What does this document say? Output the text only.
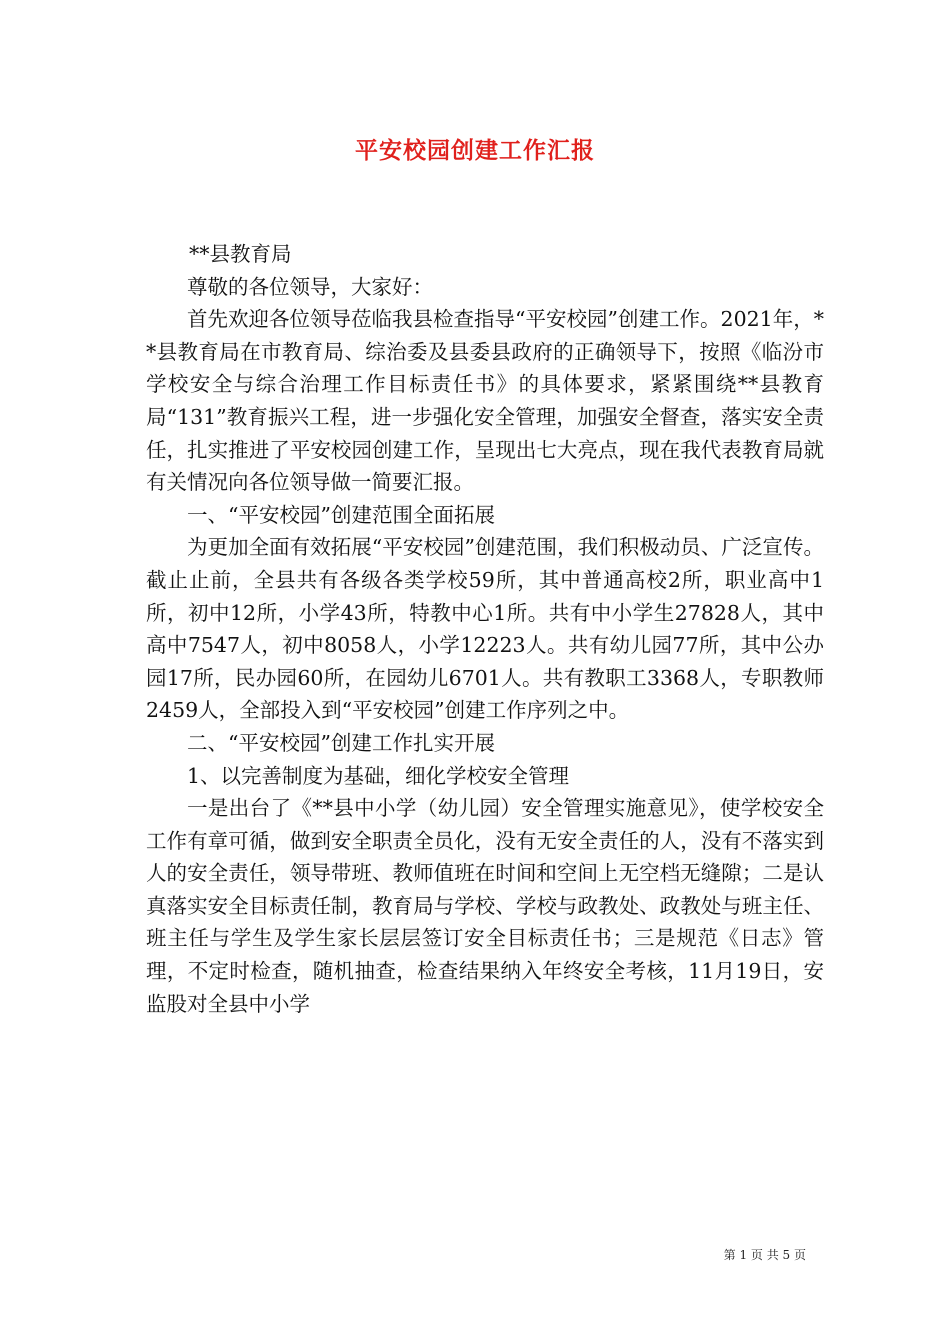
平安校园创建工作汇报

**县教育局

尊敬的各位领导，大家好：

首先欢迎各位领导莅临我县检查指导“平安校园”创建工作。2021年，**县教育局在市教育局、综治委及县委县政府的正确领导下，按照《临汾市学校安全与综合治理工作目标责任书》的具体要求，紧紧围绕**县教育局“131”教育振兴工程，进一步强化安全管理，加强安全督查，落实安全责任，扎实推进了平安校园创建工作，呈现出七大亮点，现在我代表教育局就有关情况向各位领导做一简要汇报。

一、“平安校园”创建范围全面拓展

为更加全面有效拓展“平安校园”创建范围，我们积极动员、广泛宣传。截止止前，全县共有各级各类学校59所，其中普通高校2所，职业高中1所，初中12所，小学43所，特教中心1所。共有中小学生27828人，其中高中7547人，初中8058人，小学12223人。共有幼儿园77所，其中公办园17所，民办园60所，在园幼儿6701人。共有教职工3368人，专职教师2459人，全部投入到“平安校园”创建工作序列之中。

二、“平安校园”创建工作扎实开展

1、以完善制度为基础，细化学校安全管理

一是出台了《**县中小学（幼儿园）安全管理实施意见》，使学校安全工作有章可循，做到安全职责全员化，没有无安全责任的人，没有不落实到人的安全责任，领导带班、教师值班在时间和空间上无空档无缝隙；二是认真落实安全目标责任制，教育局与学校、学校与政教处、政教处与班主任、班主任与学生及学生家长层层签订安全目标责任书；三是规范《日志》管理，不定时检查，随机抽查，检查结果纳入年终安全考核，11月19日，安监股对全县中小学

第 1 页 共 5 页
